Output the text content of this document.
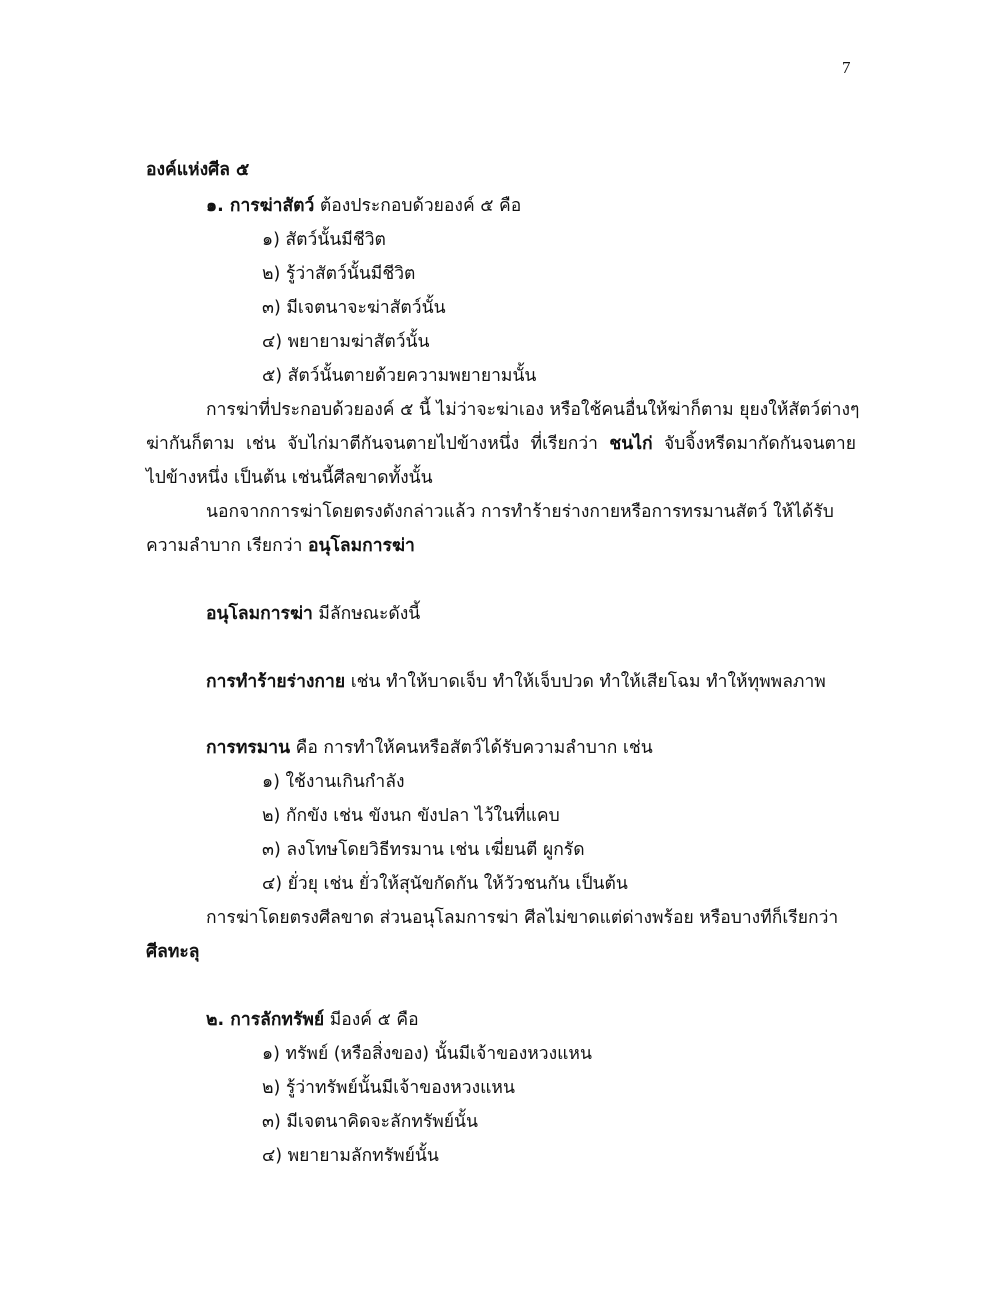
7
องค์แห่งศีล ๕
๑. การฆ่าสัตว์ ต้องประกอบด้วยองค์ ๕ คือ
๑) สัตว์นั้นมีชีวิต
๒) รู้ว่าสัตว์นั้นมีชีวิต
๓) มีเจตนาจะฆ่าสัตว์นั้น
๔) พยายามฆ่าสัตว์นั้น
๕) สัตว์นั้นตายด้วยความพยายามนั้น
การฆ่าที่ประกอบด้วยองค์ ๕ นี้ ไม่ว่าจะฆ่าเอง หรือใช้คนอื่นให้ฆ่าก็ตาม ยุยงให้สัตว์ต่างๆ
ฆ่ากันก็ตาม เช่น จับไก่มาตีกันจนตายไปข้างหนึ่ง ที่เรียกว่า ชนไก่ จับจิ้งหรีดมากัดกันจนตาย
ไปข้างหนึ่ง เป็นต้น เช่นนี้ศีลขาดทั้งนั้น
นอกจากการฆ่าโดยตรงดังกล่าวแล้ว การทำร้ายร่างกายหรือการทรมานสัตว์ ให้ได้รับ
ความลำบาก เรียกว่า อนุโลมการฆ่า
อนุโลมการฆ่า มีลักษณะดังนี้
การทำร้ายร่างกาย เช่น ทำให้บาดเจ็บ ทำให้เจ็บปวด ทำให้เสียโฉม ทำให้ทุพพลภาพ
การทรมาน คือ การทำให้คนหรือสัตว์ได้รับความลำบาก เช่น
๑) ใช้งานเกินกำลัง
๒) กักขัง เช่น ขังนก ขังปลา ไว้ในที่แคบ
๓) ลงโทษโดยวิธีทรมาน เช่น เฆี่ยนตี ผูกรัด
๔) ยั่วยุ เช่น ยั่วให้สุนัขกัดกัน ให้วัวชนกัน เป็นต้น
การฆ่าโดยตรงศีลขาด ส่วนอนุโลมการฆ่า ศีลไม่ขาดแต่ด่างพร้อย หรือบางทีก็เรียกว่า
ศีลทะลุ
๒. การลักทรัพย์ มีองค์ ๕ คือ
๑) ทรัพย์ (หรือสิ่งของ) นั้นมีเจ้าของหวงแหน
๒) รู้ว่าทรัพย์นั้นมีเจ้าของหวงแหน
๓) มีเจตนาคิดจะลักทรัพย์นั้น
๔) พยายามลักทรัพย์นั้น
